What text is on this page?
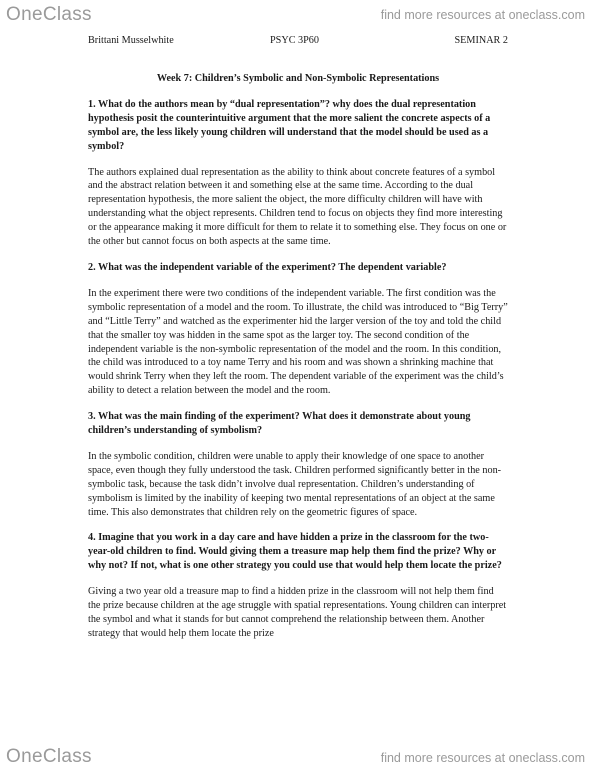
OneClass	find more resources at oneclass.com
Brittani Musselwhite	PSYC 3P60	SEMINAR 2

Week 7: Children’s Symbolic and Non-Symbolic Representations

1. What do the authors mean by “dual representation”? why does the dual representation hypothesis posit the counterintuitive argument that the more salient the concrete aspects of a symbol are, the less likely young children will understand that the model should be used as a symbol?

The authors explained dual representation as the ability to think about concrete features of a symbol and the abstract relation between it and something else at the same time. According to the dual representation hypothesis, the more salient the object, the more difficulty children will have with understanding what the object represents. Children tend to focus on objects they find more interesting or the appearance making it more difficult for them to relate it to something else. They focus on one or the other but cannot focus on both aspects at the same time.

2. What was the independent variable of the experiment? The dependent variable?

In the experiment there were two conditions of the independent variable. The first condition was the symbolic representation of a model and the room. To illustrate, the child was introduced to “Big Terry” and “Little Terry” and watched as the experimenter hid the larger version of the toy and told the child that the smaller toy was hidden in the same spot as the larger toy. The second condition of the independent variable is the non-symbolic representation of the model and the room. In this condition, the child was introduced to a toy name Terry and his room and was shown a shrinking machine that would shrink Terry when they left the room. The dependent variable of the experiment was the child’s ability to detect a relation between the model and the room.

3. What was the main finding of the experiment? What does it demonstrate about young children’s understanding of symbolism?

In the symbolic condition, children were unable to apply their knowledge of one space to another space, even though they fully understood the task. Children performed significantly better in the non-symbolic task, because the task didn’t involve dual representation. Children’s understanding of symbolism is limited by the inability of keeping two mental representations of an object at the same time. This also demonstrates that children rely on the geometric figures of space.

4. Imagine that you work in a day care and have hidden a prize in the classroom for the two-year-old children to find. Would giving them a treasure map help them find the prize? Why or why not? If not, what is one other strategy you could use that would help them locate the prize?

Giving a two year old a treasure map to find a hidden prize in the classroom will not help them find the prize because children at the age struggle with spatial representations. Young children can interpret the symbol and what it stands for but cannot comprehend the relationship between them. Another strategy that would help them locate the prize

OneClass	find more resources at oneclass.com
